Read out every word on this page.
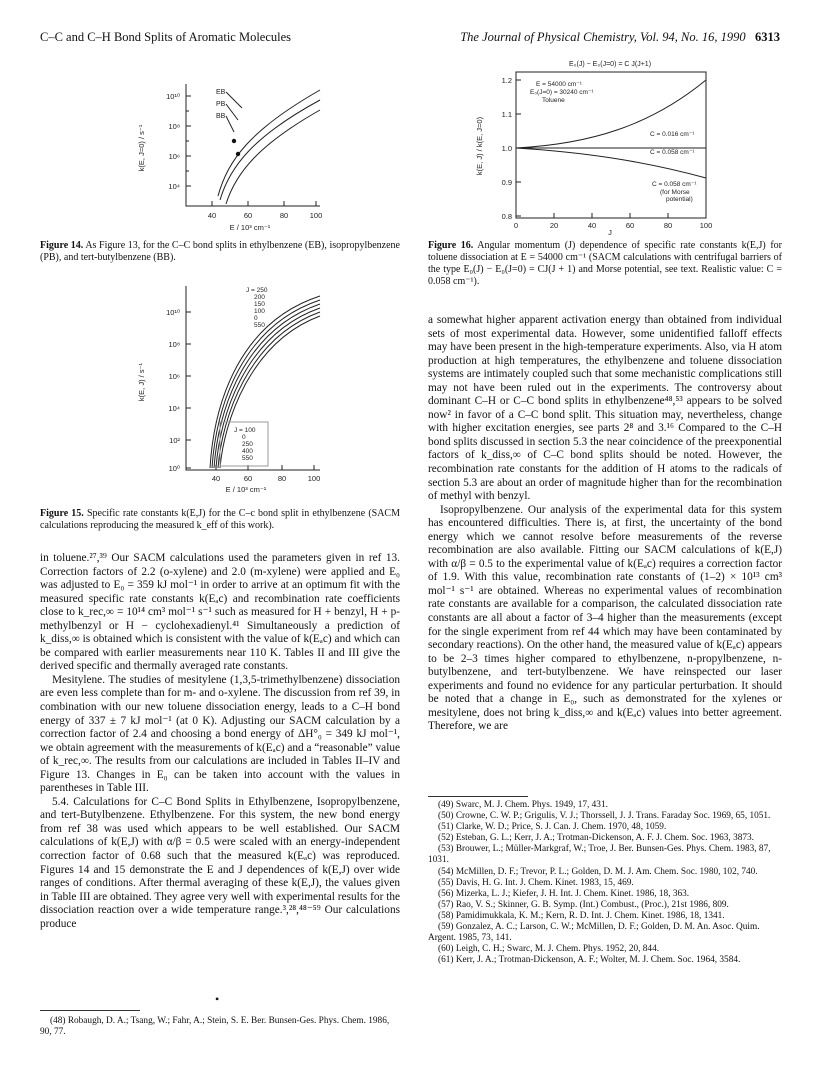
C–C and C–H Bond Splits of Aromatic Molecules	The Journal of Physical Chemistry, Vol. 94, No. 16, 1990 6313
10¹⁰
10⁸
10⁶
10⁴
40	60	80	100
E / 10³ cm⁻¹
k(E, J=0) / s⁻¹
EB
PB
BB
Figure 14. As Figure 13, for the C–C bond splits in ethylbenzene (EB), isopropylbenzene (PB), and tert-butylbenzene (BB).
J = 250
200
150
100
0
550
J = 100
0
250
400
550
10¹⁰
10⁸
10⁶
10⁴
10²
10⁰
40	60	80	100
E / 10³ cm⁻¹
k(E, J) / s⁻¹
Figure 15. Specific rate constants k(E,J) for the C–c bond split in ethylbenzene (SACM calculations reproducing the measured k_eff of this work).
E₀(J) − E₀(J=0) = C J(J+1)
E = 54000 cm⁻¹
E₀(J=0) = 30240 cm⁻¹
Toluene
C = 0.016 cm⁻¹
C = 0.058 cm⁻¹
C = 0.058 cm⁻¹
(for Morse
potential)
1.2
1.1
1.0
0.9
0.8
0	20	40	60	80	100
J
k(E, J) / k(E, J=0)
Figure 16. Angular momentum (J) dependence of specific rate constants k(E,J) for toluene dissociation at E = 54000 cm⁻¹ (SACM calculations with centrifugal barriers of the type E₀(J) − E₀(J=0) = CJ(J + 1) and Morse potential, see text. Realistic value: C = 0.058 cm⁻¹).

in toluene.²⁷,³⁹ Our SACM calculations used the parameters given in ref 13. Correction factors of 2.2 (o-xylene) and 2.0 (m-xylene) were applied and E₀ was adjusted to E₀ = 359 kJ mol⁻¹ in order to arrive at an optimum fit with the measured specific rate constants k(Eₐc) and recombination rate coefficients close to k_rec,∞ = 10¹⁴ cm³ mol⁻¹ s⁻¹ such as measured for H + benzyl, H + p-methylbenzyl or H − cyclohexadienyl.⁴¹ Simultaneously a prediction of k_diss,∞ is obtained which is consistent with the value of k(Eₐc) and which can be compared with earlier measurements near 110 K. Tables II and III give the derived specific and thermally averaged rate constants.

Mesitylene. The studies of mesitylene (1,3,5-trimethylbenzene) dissociation are even less complete than for m- and o-xylene. The discussion from ref 39, in combination with our new toluene dissociation energy, leads to a C–H bond energy of 337 ± 7 kJ mol⁻¹ (at 0 K). Adjusting our SACM calculation by a correction factor of 2.4 and choosing a bond energy of ΔH°₀ = 349 kJ mol⁻¹, we obtain agreement with the measurements of k(Eₐc) and a “reasonable” value of k_rec,∞. The results from our calculations are included in Tables II–IV and Figure 13. Changes in E₀ can be taken into account with the values in parentheses in Table III.

5.4. Calculations for C–C Bond Splits in Ethylbenzene, Isopropylbenzene, and tert-Butylbenzene. Ethylbenzene. For this system, the new bond energy from ref 38 was used which appears to be well established. Our SACM calculations of k(E,J) with α/β = 0.5 were scaled with an energy-independent correction factor of 0.68 such that the measured k(Eₐc) was reproduced. Figures 14 and 15 demonstrate the E and J dependences of k(E,J) over wide ranges of conditions. After thermal averaging of these k(E,J), the values given in Table III are obtained. They agree very well with experimental results for the dissociation reaction over a wide temperature range.³,²⁸,⁴⁸⁻⁵⁹ Our calculations produce

•

(48) Robaugh, D. A.; Tsang, W.; Fahr, A.; Stein, S. E. Ber. Bunsen-Ges. Phys. Chem. 1986, 90, 77.

a somewhat higher apparent activation energy than obtained from individual sets of most experimental data. However, some unidentified falloff effects may have been present in the high-temperature experiments. Also, via H atom production at high temperatures, the ethylbenzene and toluene dissociation systems are intimately coupled such that some mechanistic complications still may not have been ruled out in the experiments. The controversy about dominant C–H or C–C bond splits in ethylbenzene⁴⁸,⁵³ appears to be solved now² in favor of a C–C bond split. This situation may, nevertheless, change with higher excitation energies, see parts 2⁸ and 3.¹⁶ Compared to the C–H bond splits discussed in section 5.3 the near coincidence of the preexponential factors of k_diss,∞ of C–C bond splits should be noted. However, the recombination rate constants for the addition of H atoms to the radicals of section 5.3 are about an order of magnitude higher than for the recombination of methyl with benzyl.

Isopropylbenzene. Our analysis of the experimental data for this system has encountered difficulties. There is, at first, the uncertainty of the bond energy which we cannot resolve before measurements of the reverse recombination are also available. Fitting our SACM calculations of k(E,J) with α/β = 0.5 to the experimental value of k(Eₐc) requires a correction factor of 1.9. With this value, recombination rate constants of (1–2) × 10¹³ cm³ mol⁻¹ s⁻¹ are obtained. Whereas no experimental values of recombination rate constants are available for a comparison, the calculated dissociation rate constants are all about a factor of 3–4 higher than the measurements (except for the single experiment from ref 44 which may have been contaminated by secondary reactions). On the other hand, the measured value of k(Eₐc) appears to be 2–3 times higher compared to ethylbenzene, n-propylbenzene, n-butylbenzene, and tert-butylbenzene. We have reinspected our laser experiments and found no evidence for any particular perturbation. It should be noted that a change in E₀, such as demonstrated for the xylenes or mesitylene, does not bring k_diss,∞ and k(Eₐc) values into better agreement. Therefore, we are

(49) Swarc, M. J. Chem. Phys. 1949, 17, 431.

(50) Crowne, C. W. P.; Grigulis, V. J.; Thorssell, J. J. Trans. Faraday Soc. 1969, 65, 1051.

(51) Clarke, W. D.; Price, S. J. Can. J. Chem. 1970, 48, 1059.

(52) Esteban, G. L.; Kerr, J. A.; Trotman-Dickenson, A. F. J. Chem. Soc. 1963, 3873.

(53) Brouwer, L.; Müller-Markgraf, W.; Troe, J. Ber. Bunsen-Ges. Phys. Chem. 1983, 87, 1031.

(54) McMillen, D. F.; Trevor, P. L.; Golden, D. M. J. Am. Chem. Soc. 1980, 102, 740.

(55) Davis, H. G. Int. J. Chem. Kinet. 1983, 15, 469.

(56) Mizerka, L. J.; Kiefer, J. H. Int. J. Chem. Kinet. 1986, 18, 363.

(57) Rao, V. S.; Skinner, G. B. Symp. (Int.) Combust., (Proc.), 21st 1986, 809.

(58) Pamidimukkala, K. M.; Kern, R. D. Int. J. Chem. Kinet. 1986, 18, 1341.

(59) Gonzalez, A. C.; Larson, C. W.; McMillen, D. F.; Golden, D. M. An. Asoc. Quim. Argent. 1985, 73, 141.

(60) Leigh, C. H.; Swarc, M. J. Chem. Phys. 1952, 20, 844.

(61) Kerr, J. A.; Trotman-Dickenson, A. F.; Wolter, M. J. Chem. Soc. 1964, 3584.
